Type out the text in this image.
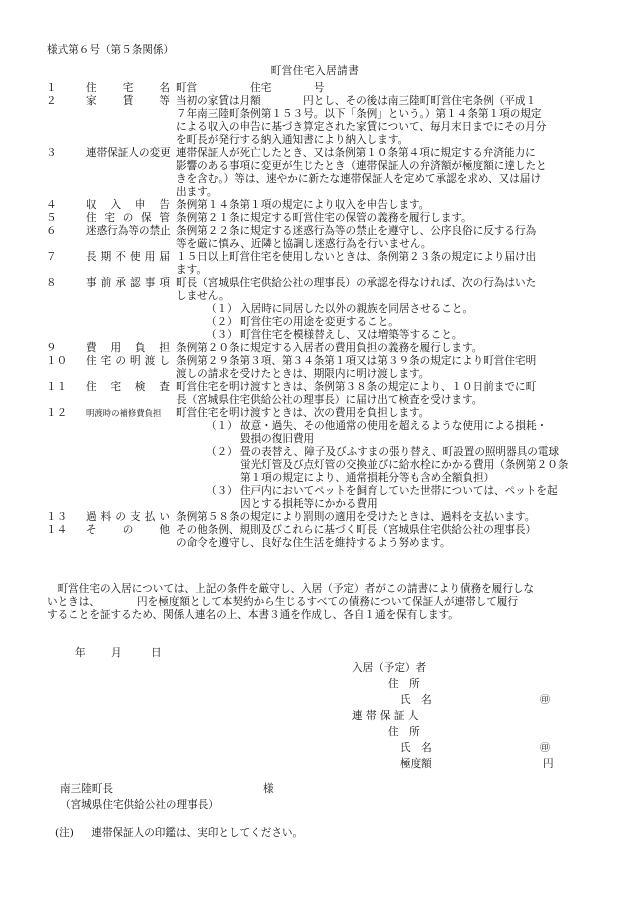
様式第６号（第５条関係）
町営住宅入居請書
１	住　　宅　　名 町営　　　　　住宅　　　　号
２	家　　賃　　等 当初の家賃は月額　　　　円とし、その後は南三陸町町営住宅条例（平成１
７年南三陸町条例第１５３号。以下「条例」という。）第１４条第１項の規定
による収入の申告に基づき算定された家賃について、毎月末日までにその月分
を町長が発行する納入通知書により納入します。
３	連帯保証人の変更 連帯保証人が死亡したとき、又は条例第１０条第４項に規定する弁済能力に
影響のある事項に変更が生じたとき（連帯保証人の弁済額が極度額に達したと
きを含む。）等は、速やかに新たな連帯保証人を定めて承認を求め、又は届け
出ます。
４	収　入　申　告 条例第１４条第１項の規定により収入を申告します。
５	住 宅 の 保 管 条例第２１条に規定する町営住宅の保管の義務を履行します。
６	迷惑行為等の禁止 条例第２２条に規定する迷惑行為等の禁止を遵守し、公序良俗に反する行為
等を厳に慎み、近隣と協調し迷惑行為を行いません。
７	長 期 不 使 用 届 １５日以上町営住宅を使用しないときは、条例第２３条の規定により届け出
ます。
８	事 前 承 認 事 項 町長（宮城県住宅供給公社の理事長）の承認を得なければ、次の行為はいた
しません。
（１） 入居時に同居した以外の親族を同居させること。
（２） 町営住宅の用途を変更すること。
（３） 町営住宅を模様替えし、又は増築等すること。
９	費　用　負　担 条例第２０条に規定する入居者の費用負担の義務を履行します。
１０	住 宅 の 明 渡 し 条例第２９条第３項、第３４条第１項又は第３９条の規定により町営住宅明
渡しの請求を受けたときは、期限内に明け渡します。
１１	住　宅　検　査 町営住宅を明け渡すときは、条例第３８条の規定により、１０日前までに町
長（宮城県住宅供給公社の理事長）に届け出て検査を受けます。
１２	明渡時の補修費負担	町営住宅を明け渡すときは、次の費用を負担します。
（１） 故意・過失、その他通常の使用を超えるような使用による損耗・
毀損の復旧費用
（２） 畳の表替え、障子及びふすまの張り替え、町設置の照明器具の電球
蛍光灯管及び点灯管の交換並びに給水栓にかかる費用（条例第２０条
第１項の規定により、通常損耗分等も含め全額負担）
（３） 住戸内においてペットを飼育していた世帯については、ペットを起
因とする損耗等にかかる費用
１３	過 料 の 支 払 い 条例第５８条の規定により罰則の適用を受けたときは、過料を支払います。
１４	そ　　の　　他 その他条例、規則及びこれらに基づく町長（宮城県住宅供給公社の理事長）
の命令を遵守し、良好な住生活を維持するよう努めます。
　町営住宅の入居については、上記の条件を厳守し、入居（予定）者がこの請書により債務を履行しな
いときは、　　　　円を極度額として本契約から生じるすべての債務について保証人が連帯して履行
することを証するため、関係人連名の上、本書３通を作成し、各自１通を保有します。
年 月	日
入居（予定）者
住　所
氏　名	㊞
連 帯 保 証 人
住　所
氏　名	㊞
極度額	円
南三陸町長	様
（宮城県住宅供給公社の理事長）
(注) 連帯保証人の印鑑は、実印としてください。
